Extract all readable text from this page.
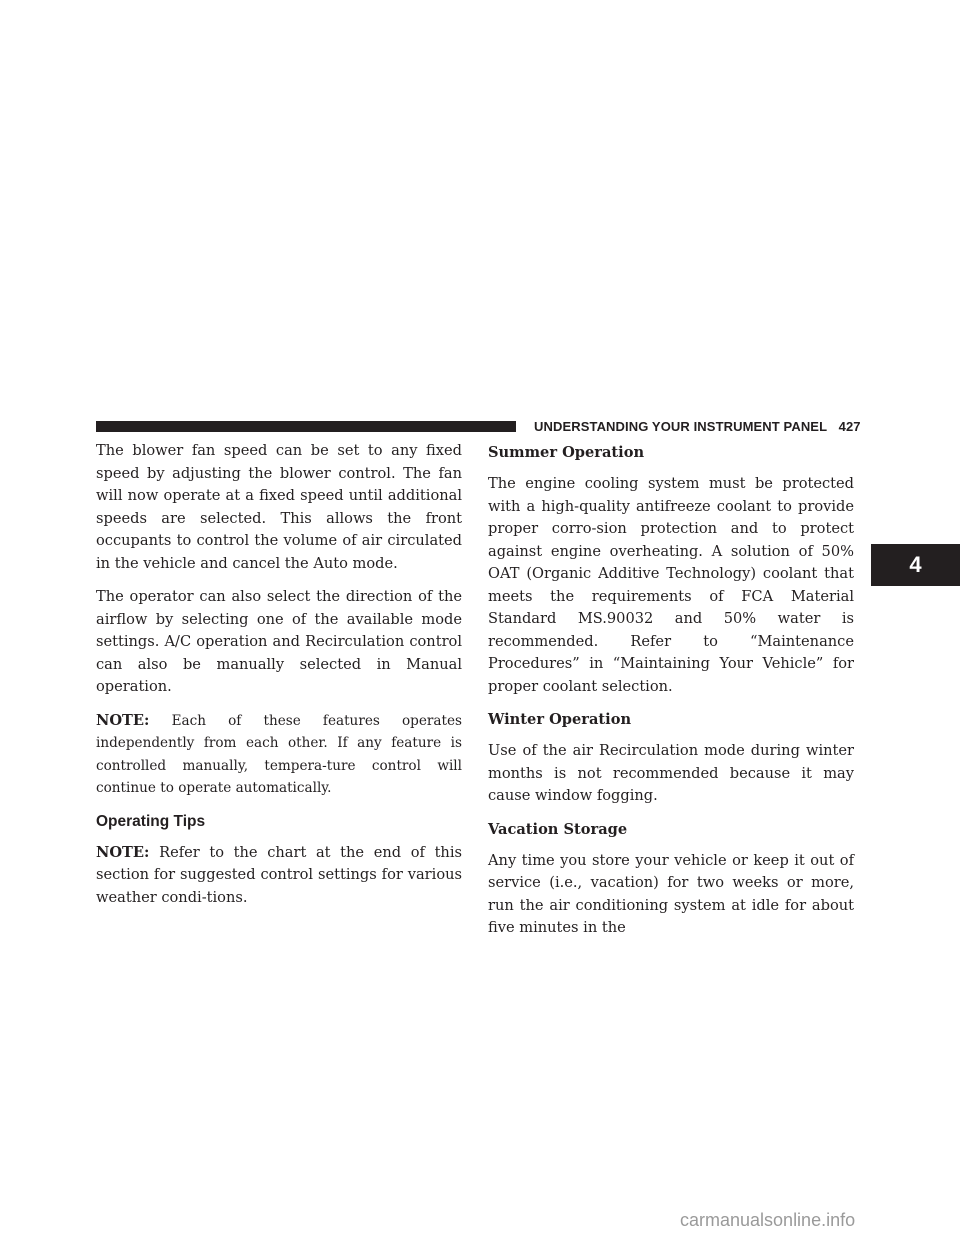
UNDERSTANDING YOUR INSTRUMENT PANEL 427
4

The blower fan speed can be set to any fixed speed by adjusting the blower control. The fan will now operate at a fixed speed until additional speeds are selected. This allows the front occupants to control the volume of air circulated in the vehicle and cancel the Auto mode.

The operator can also select the direction of the airflow by selecting one of the available mode settings. A/C operation and Recirculation control can also be manually selected in Manual operation.

NOTE: Each of these features operates independently from each other. If any feature is controlled manually, tempera-ture control will continue to operate automatically.

Operating Tips

NOTE: Refer to the chart at the end of this section for suggested control settings for various weather condi-tions.

Summer Operation

The engine cooling system must be protected with a high-quality antifreeze coolant to provide proper corro-sion protection and to protect against engine overheating. A solution of 50% OAT (Organic Additive Technology) coolant that meets the requirements of FCA Material Standard MS.90032 and 50% water is recommended. Refer to “Maintenance Procedures” in “Maintaining Your Vehicle” for proper coolant selection.

Winter Operation

Use of the air Recirculation mode during winter months is not recommended because it may cause window fogging.

Vacation Storage

Any time you store your vehicle or keep it out of service (i.e., vacation) for two weeks or more, run the air conditioning system at idle for about five minutes in the

carmanualsonline.info
